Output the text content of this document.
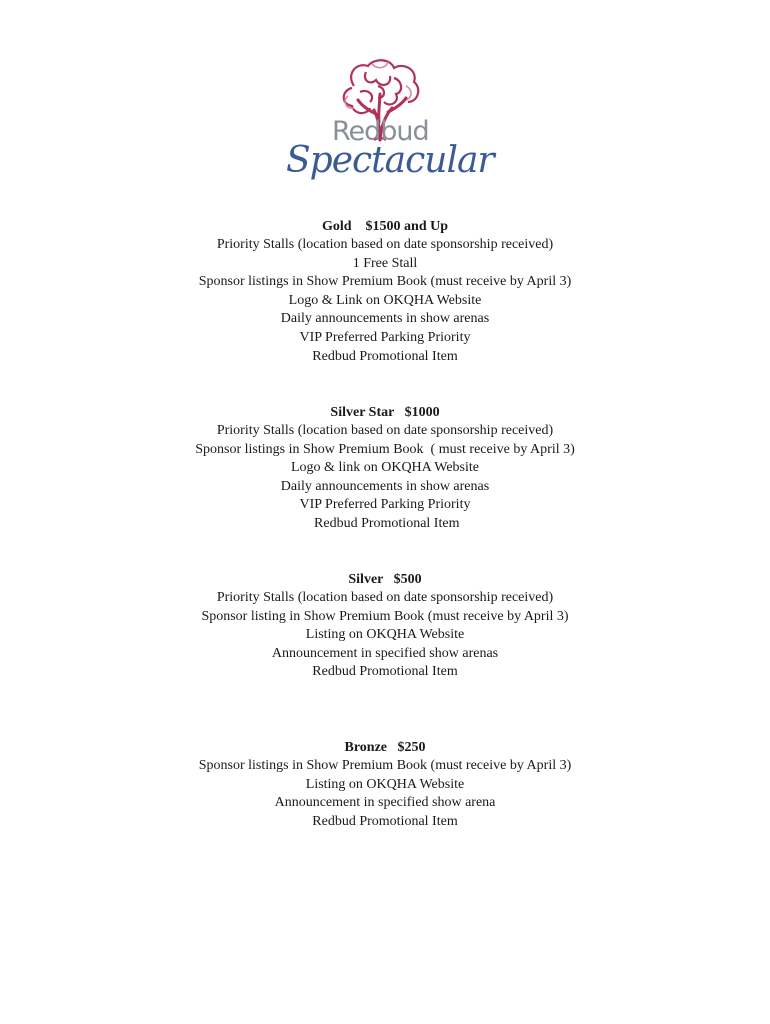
Redbud
Spectacular
Gold    $1500 and Up
Priority Stalls (location based on date sponsorship received)
1 Free Stall
Sponsor listings in Show Premium Book (must receive by April 3)
Logo & Link on OKQHA Website
Daily announcements in show arenas
VIP Preferred Parking Priority
Redbud Promotional Item
Silver Star   $1000
Priority Stalls (location based on date sponsorship received)
Sponsor listings in Show Premium Book  ( must receive by April 3)
Logo & link on OKQHA Website
Daily announcements in show arenas
VIP Preferred Parking Priority
Redbud Promotional Item
Silver   $500
Priority Stalls (location based on date sponsorship received)
Sponsor listing in Show Premium Book (must receive by April 3)
Listing on OKQHA Website
Announcement in specified show arenas
Redbud Promotional Item
Bronze   $250
Sponsor listings in Show Premium Book (must receive by April 3)
Listing on OKQHA Website
Announcement in specified show arena
Redbud Promotional Item
